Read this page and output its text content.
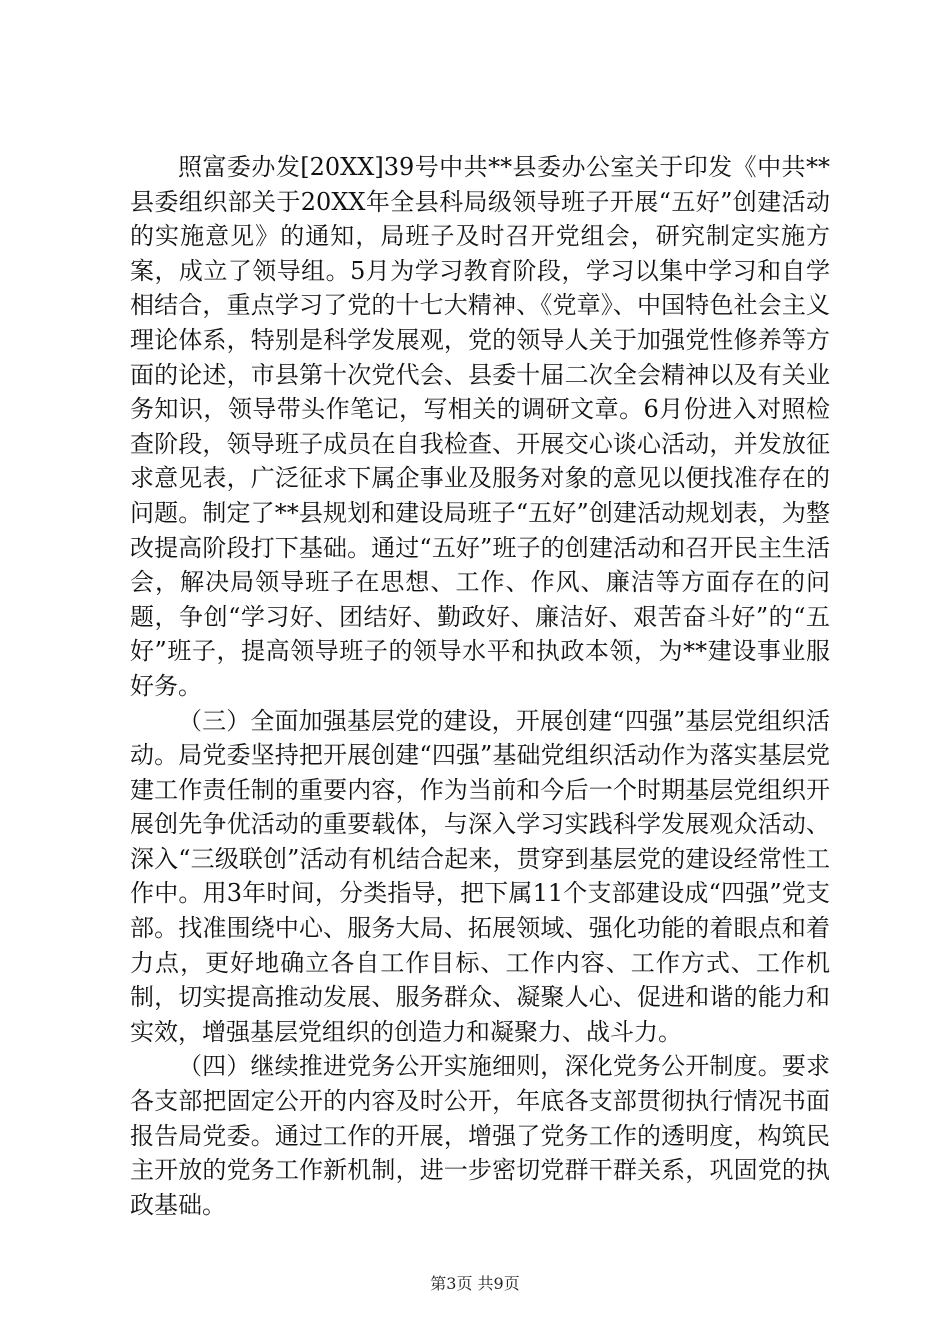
照富委办发[20XX]39号中共**县委办公室关于印发《中共**县委组织部关于20XX年全县科局级领导班子开展“五好”创建活动的实施意见》的通知，局班子及时召开党组会，研究制定实施方案，成立了领导组。5月为学习教育阶段，学习以集中学习和自学相结合，重点学习了党的十七大精神、《党章》、中国特色社会主义理论体系，特别是科学发展观，党的领导人关于加强党性修养等方面的论述，市县第十次党代会、县委十届二次全会精神以及有关业务知识，领导带头作笔记，写相关的调研文章。6月份进入对照检查阶段，领导班子成员在自我检查、开展交心谈心活动，并发放征求意见表，广泛征求下属企事业及服务对象的意见以便找准存在的问题。制定了**县规划和建设局班子“五好”创建活动规划表，为整改提高阶段打下基础。通过“五好”班子的创建活动和召开民主生活会，解决局领导班子在思想、工作、作风、廉洁等方面存在的问题，争创“学习好、团结好、勤政好、廉洁好、艰苦奋斗好”的“五好”班子，提高领导班子的领导水平和执政本领，为**建设事业服好务。

（三）全面加强基层党的建设，开展创建“四强”基层党组织活动。局党委坚持把开展创建“四强”基础党组织活动作为落实基层党建工作责任制的重要内容，作为当前和今后一个时期基层党组织开展创先争优活动的重要载体，与深入学习实践科学发展观众活动、深入“三级联创”活动有机结合起来，贯穿到基层党的建设经常性工作中。用3年时间，分类指导，把下属11个支部建设成“四强”党支部。找准围绕中心、服务大局、拓展领域、强化功能的着眼点和着力点，更好地确立各自工作目标、工作内容、工作方式、工作机制，切实提高推动发展、服务群众、凝聚人心、促进和谐的能力和实效，增强基层党组织的创造力和凝聚力、战斗力。

（四）继续推进党务公开实施细则，深化党务公开制度。要求各支部把固定公开的内容及时公开，年底各支部贯彻执行情况书面报告局党委。通过工作的开展，增强了党务工作的透明度，构筑民主开放的党务工作新机制，进一步密切党群干群关系，巩固党的执政基础。

第3页 共9页
